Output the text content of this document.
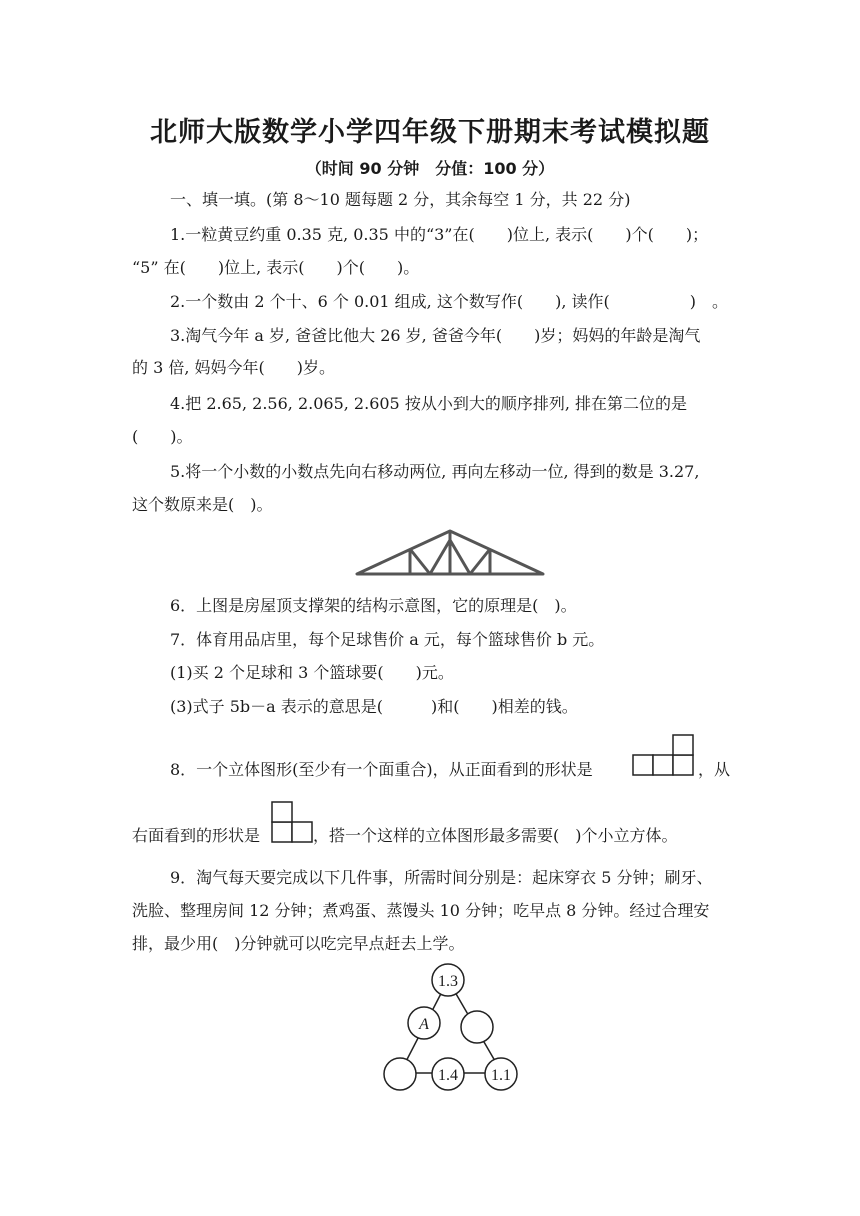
北师大版数学小学四年级下册期末考试模拟题
（时间 90 分钟　分值：100 分）
一、填一填。(第 8～10 题每题 2 分，其余每空 1 分，共 22 分)
1.一粒黄豆约重 0.35 克, 0.35 中的“3”在(　　)位上, 表示(　　)个(　　)；
“5” 在(　　)位上, 表示(　　)个(　　)。
2.一个数由 2 个十、6 个 0.01 组成, 这个数写作(　　), 读作(　　　　　)　。
3.淘气今年 a 岁, 爸爸比他大 26 岁, 爸爸今年(　　)岁；妈妈的年龄是淘气
的 3 倍, 妈妈今年(　　)岁。
4.把 2.65, 2.56, 2.065, 2.605 按从小到大的顺序排列, 排在第二位的是
(　　)。
5.将一个小数的小数点先向右移动两位, 再向左移动一位, 得到的数是 3.27,
这个数原来是(　)。
6．上图是房屋顶支撑架的结构示意图，它的原理是(　)。
7．体育用品店里，每个足球售价 a 元，每个篮球售价 b 元。
(1)买 2 个足球和 3 个篮球要(　　)元。
(3)式子 5b－a 表示的意思是(　　　)和(　　)相差的钱。
8．一个立体图形(至少有一个面重合)，从正面看到的形状是	，从
右面看到的形状是	，搭一个这样的立体图形最多需要(　)个小立方体。
9．淘气每天要完成以下几件事，所需时间分别是：起床穿衣 5 分钟；刷牙、
洗脸、整理房间 12 分钟；煮鸡蛋、蒸馒头 10 分钟；吃早点 8 分钟。经过合理安
排，最少用(　)分钟就可以吃完早点赶去上学。
1.3
A
1.4 1.1
